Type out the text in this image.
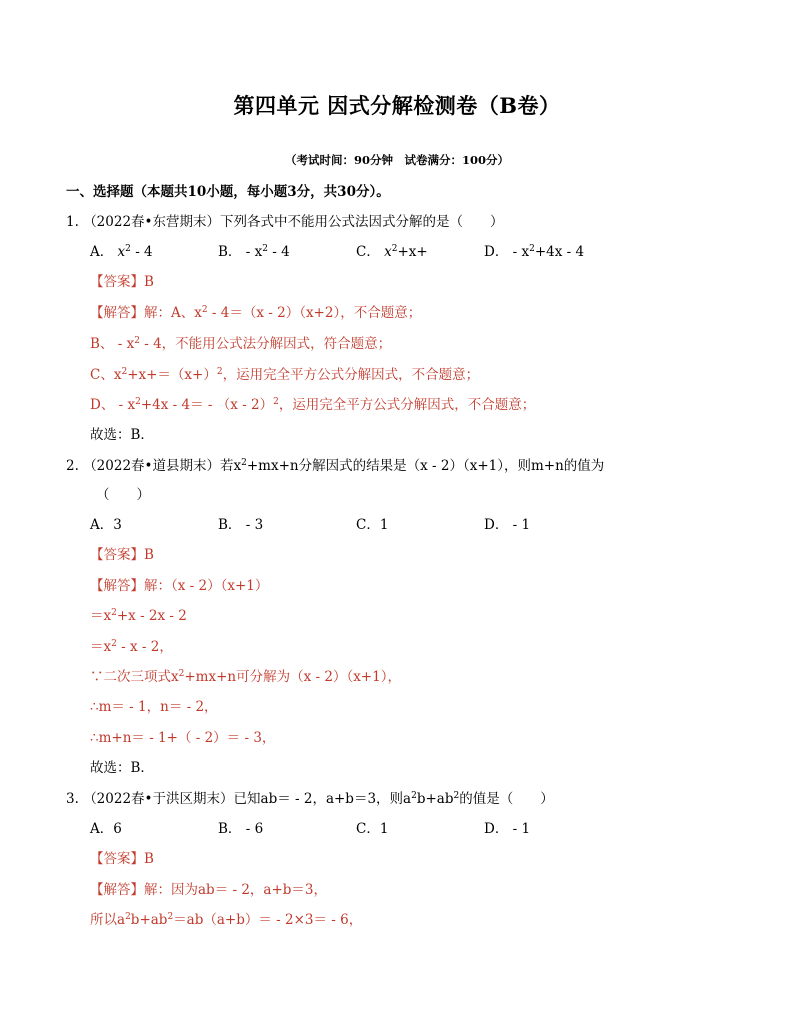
第四单元 因式分解检测卷（B卷）
（考试时间：90分钟　试卷满分：100分）
一、选择题（本题共10小题，每小题3分，共30分）。
1. （2022春•东营期末）下列各式中不能用公式法因式分解的是（　　）
A． $x^2 - 4$	B． - $x^2 - 4$	C． $x^2+x+$	D． - $x^2+4x - 4$
【答案】B
【解答】解：A、$x^2 - 4=(x - 2)(x+2)$，不合题意；
B、 - $x^2 - 4$，不能用公式法分解因式，符合题意；
C、$x^2+x+=(x+)^2$，运用完全平方公式分解因式，不合题意；
D、 - $x^2+4x - 4= - (x - 2)^2$，运用完全平方公式分解因式，不合题意；
故选：B．
2. （2022春•道县期末）若$x^2+mx+n$分解因式的结果是（x - 2）（x+1），则m+n的值为
（　　）
A．3	B． - 3	C．1	D． - 1
【答案】B
【解答】解：（x - 2）（x+1）
$=x^2+x - 2x - 2$
$=x^2 - x - 2$，
∵二次三项式$x^2+mx+n$可分解为（x - 2）（x+1），
∴m＝ - 1，n＝ - 2，
∴m+n＝ - 1+（ - 2）＝ - 3，
故选：B．
3. （2022春•于洪区期末）已知ab＝ - 2，a+b＝3，则$a^2b+ab^2$的值是（　　）
A．6	B． - 6	C．1	D． - 1
【答案】B
【解答】解：因为ab＝ - 2，a+b＝3，
所以$a^2b+ab^2=ab(a+b)= - 2\times 3= - 6$，
